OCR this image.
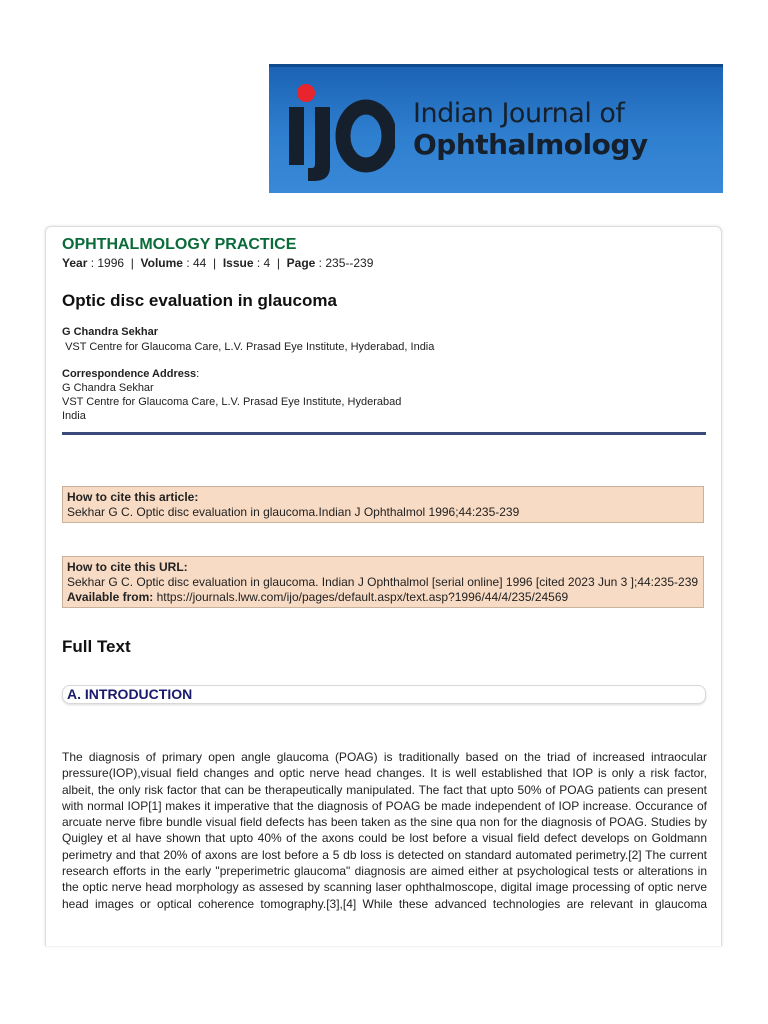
Indian Journal of
Ophthalmology
OPHTHALMOLOGY PRACTICE
Year : 1996  |  Volume : 44  |  Issue : 4  |  Page : 235--239
Optic disc evaluation in glaucoma
G Chandra Sekhar
VST Centre for Glaucoma Care, L.V. Prasad Eye Institute, Hyderabad, India
Correspondence Address:
G Chandra Sekhar
VST Centre for Glaucoma Care, L.V. Prasad Eye Institute, Hyderabad
India
How to cite this article:
Sekhar G C. Optic disc evaluation in glaucoma.Indian J Ophthalmol 1996;44:235-239
How to cite this URL:
Sekhar G C. Optic disc evaluation in glaucoma. Indian J Ophthalmol [serial online] 1996 [cited 2023 Jun 3 ];44:235-239
Available from: https://journals.lww.com/ijo/pages/default.aspx/text.asp?1996/44/4/235/24569
Full Text
A. INTRODUCTION
The diagnosis of primary open angle glaucoma (POAG) is traditionally based on the triad of increased intraocular
pressure(IOP),visual field changes and optic nerve head changes. It is well established that IOP is only a risk factor,
albeit, the only risk factor that can be therapeutically manipulated. The fact that upto 50% of POAG patients can present
with normal IOP[1] makes it imperative that the diagnosis of POAG be made independent of IOP increase. Occurance of
arcuate nerve fibre bundle visual field defects has been taken as the sine qua non for the diagnosis of POAG. Studies by
Quigley et al have shown that upto 40% of the axons could be lost before a visual field defect develops on Goldmann
perimetry and that 20% of axons are lost before a 5 db loss is detected on standard automated perimetry.[2] The current
research efforts in the early "preperimetric glaucoma" diagnosis are aimed either at psychological tests or alterations in
the optic nerve head morphology as assesed by scanning laser ophthalmoscope, digital image processing of optic nerve
head images or optical coherence tomography.[3],[4] While these advanced technologies are relevant in glaucoma
